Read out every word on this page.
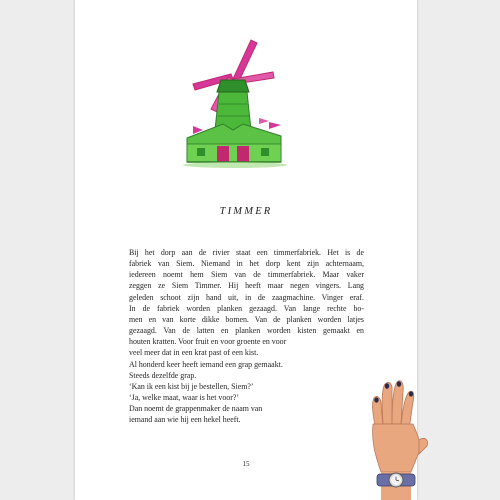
TIMMER
Bij het dorp aan de rivier staat een timmerfabriek. Het is de
fabriek van Siem. Niemand in het dorp kent zijn achternaam,
iedereen noemt hem Siem van de timmerfabriek. Maar vaker
zeggen ze Siem Timmer. Hij heeft maar negen vingers. Lang
geleden schoot zijn hand uit, in de zaagmachine. Vinger eraf.
In de fabriek worden planken gezaagd. Van lange rechte bo-
men en van korte dikke bomen. Van de planken worden latjes
gezaagd. Van de latten en planken worden kisten gemaakt en
houten kratten. Voor fruit en voor groente en voor
veel meer dat in een krat past of een kist.
Al honderd keer heeft iemand een grap gemaakt.
Steeds dezelfde grap.
‘Kan ik een kist bij je bestellen, Siem?’
‘Ja, welke maat, waar is het voor?’
Dan noemt de grappenmaker de naam van
iemand aan wie hij een hekel heeft.
15
